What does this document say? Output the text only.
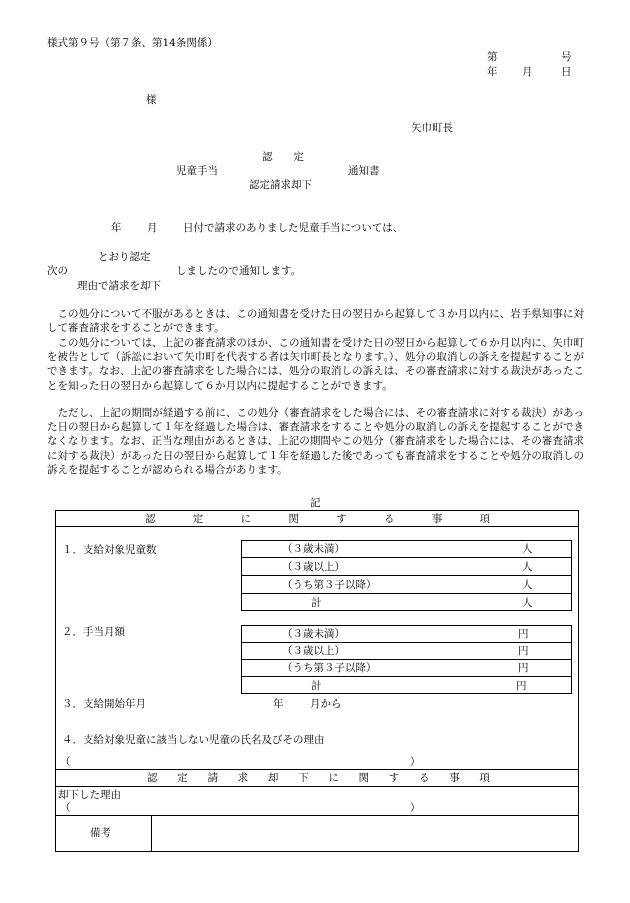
様式第９号（第７条、第14条関係）
第	号
年 月	日
様
矢巾町長
認　　定
児童手当	通知書
認定請求却下
年 月 日付で請求のありました児童手当については、
とおり認定
次の	しましたので通知します。
理由で請求を却下
この処分について不服があるときは、この通知書を受けた日の翌日から起算して３か月以内に、岩手県知事に対して審査請求をすることができます。
この処分については、上記の審査請求のほか、この通知書を受けた日の翌日から起算して６か月以内に、矢巾町を被告として（訴訟において矢巾町を代表する者は矢巾町長となります。）、処分の取消しの訴えを提起することができます。なお、上記の審査請求をした場合には、処分の取消しの訴えは、その審査請求に対する裁決があったことを知った日の翌日から起算して６か月以内に提起することができます。
ただし、上記の期間が経過する前に、この処分（審査請求をした場合には、その審査請求に対する裁決）があった日の翌日から起算して１年を経過した場合は、審査請求をすることや処分の取消しの訴えを提起することができなくなります。なお、正当な理由があるときは、上記の期間やこの処分（審査請求をした場合には、その審査請求に対する裁決）があった日の翌日から起算して１年を経過した後であっても審査請求をすることや処分の取消しの訴えを提起することが認められる場合があります。
記
認	定	に	関	す	る	事	項
１．支給対象児童数	（３歳未満）	人
（３歳以上）	人
（うち第３子以降）	人
計	人
２．手当月額	（３歳未満）	円
（３歳以上）	円
（うち第３子以降）	円
計	円
３．支給開始年月	年	月から
４．支給対象児童に該当しない児童の氏名及びその理由
（	）
認 定 請 求 却 下 に 関 す る 事 項
却下した理由
（	）
備考
